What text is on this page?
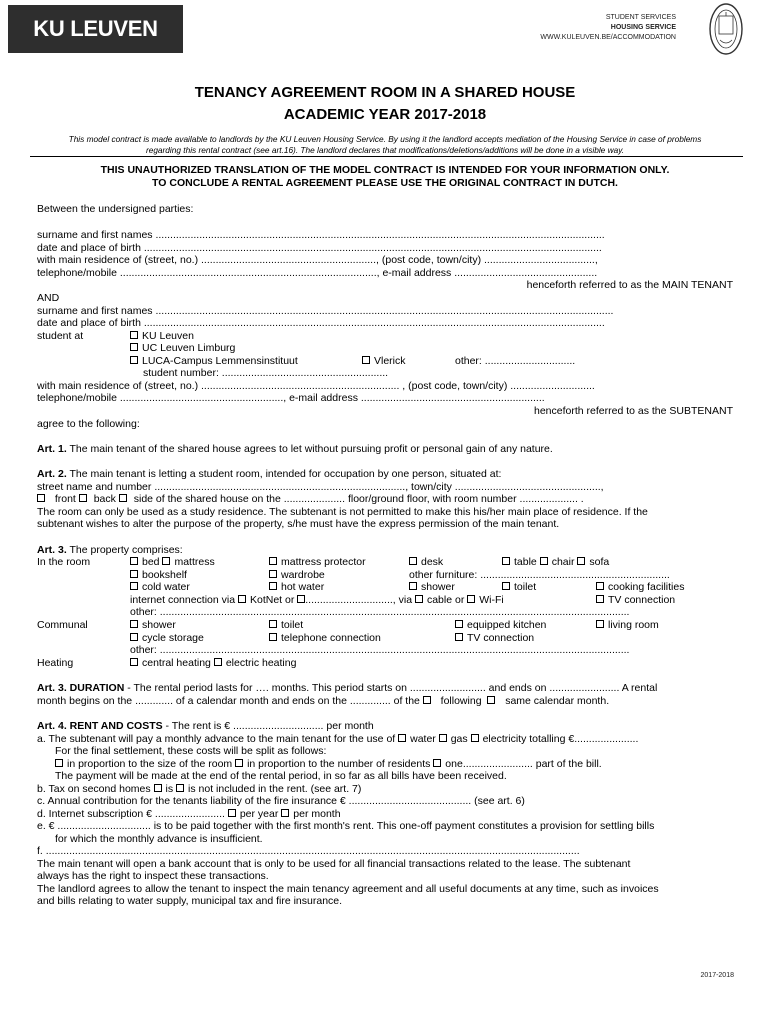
KU LEUVEN	STUDENT SERVICES
HOUSING SERVICE
WWW.KULEUVEN.BE/ACCOMMODATION
TENANCY AGREEMENT ROOM IN A SHARED HOUSE
ACADEMIC YEAR 2017-2018
This model contract is made available to landlords by the KU Leuven Housing Service. By using it the landlord accepts mediation of the Housing Service in case of problems
regarding this rental contract (see art.16). The landlord declares that modifications/deletions/additions will be done in a visible way.
THIS UNAUTHORIZED TRANSLATION OF THE MODEL CONTRACT IS INTENDED FOR YOUR INFORMATION ONLY.
TO CONCLUDE A RENTAL AGREEMENT PLEASE USE THE ORIGINAL CONTRACT IN DUTCH.
Between the undersigned parties:
surname and first names ..........................................................................................................................................................
date and place of birth .............................................................................................................................................................
with main residence of (street, no.) ............................................................, (post code, town/city) ......................................,
telephone/mobile ........................................................................................, e-mail address .................................................
henceforth referred to as the MAIN TENANT
AND
surname and first names .............................................................................................................................................................
date and place of birth ..............................................................................................................................................................
student at	KU Leuven
UC Leuven Limburg
LUCA-Campus Lemmensinstituut	Vlerick	other: ...............................
student number: .........................................................
with main residence of (street, no.) .................................................................... , (post code, town/city) .............................
telephone/mobile ........................................................, e-mail address ...............................................................
henceforth referred to as the SUBTENANT
agree to the following:
Art. 1. The main tenant of the shared house agrees to let without pursuing profit or personal gain of any nature.
Art. 2. The main tenant is letting a student room, intended for occupation by one person, situated at:
street name and number ......................................................................................, town/city ..................................................,
front back side of the shared house on the ..................... floor/ground floor, with room number .................... .
The room can only be used as a study residence. The subtenant is not permitted to make this his/her main place of residence. If the
subtenant wishes to alter the purpose of the property, s/he must have the express permission of the main tenant.
Art. 3. The property comprises:
In the room	bed mattress	mattress protector	desk	table chair sofa
bookshelf	wardrobe	other furniture: .................................................................
cold water	hot water	shower	toilet	cooking facilities
internet connection via KotNet or .............................., via cable or Wi-Fi	TV connection
other: .................................................................................................................................................................
Communal	shower	toilet	equipped kitchen	living room
cycle storage	telephone connection	TV connection
other: .................................................................................................................................................................
Heating	central heating electric heating
Art. 3. DURATION - The rental period lasts for …. months. This period starts on .......................... and ends on ........................ A rental
month begins on the ............. of a calendar month and ends on the .............. of the   following same calendar month.
Art. 4. RENT AND COSTS - The rent is € ............................... per month
a. The subtenant will pay a monthly advance to the main tenant for the use of water gas electricity totalling €......................
For the final settlement, these costs will be split as follows:
in proportion to the size of the room in proportion to the number of residents one........................ part of the bill.
The payment will be made at the end of the rental period, in so far as all bills have been received.
b. Tax on second homes is is not included in the rent. (see art. 7)
c. Annual contribution for the tenants liability of the fire insurance € .......................................... (see art. 6)
d. Internet subscription € ........................ per year per month
e. € ................................ is to be paid together with the first month's rent. This one-off payment constitutes a provision for settling bills
for which the monthly advance is insufficient.
f. .......................................................................................................................................................................................
The main tenant will open a bank account that is only to be used for all financial transactions related to the lease. The subtenant
always has the right to inspect these transactions.
The landlord agrees to allow the tenant to inspect the main tenancy agreement and all useful documents at any time, such as invoices
and bills relating to water supply, municipal tax and fire insurance.
2017-2018
